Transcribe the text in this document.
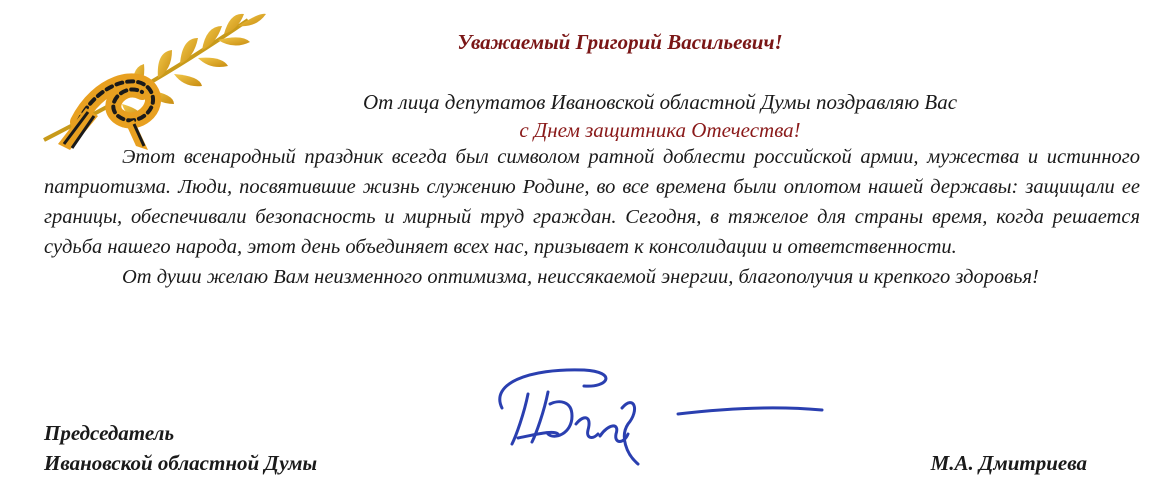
Уважаемый Григорий Васильевич!
От лица депутатов Ивановской областной Думы поздравляю Вас
с Днем защитника Отечества!

Этот всенародный праздник всегда был символом ратной доблести российской армии, мужества и истинного патриотизма. Люди, посвятившие жизнь служению Родине, во все времена были оплотом нашей державы: защищали ее границы, обеспечивали безопасность и мирный труд граждан. Сегодня, в тяжелое для страны время, когда решается судьба нашего народа, этот день объединяет всех нас, призывает к консолидации и ответственности.

От души желаю Вам неизменного оптимизма, неиссякаемой энергии, благополучия и крепкого здоровья!

Председатель
Ивановской областной Думы	М.А. Дмитриева
